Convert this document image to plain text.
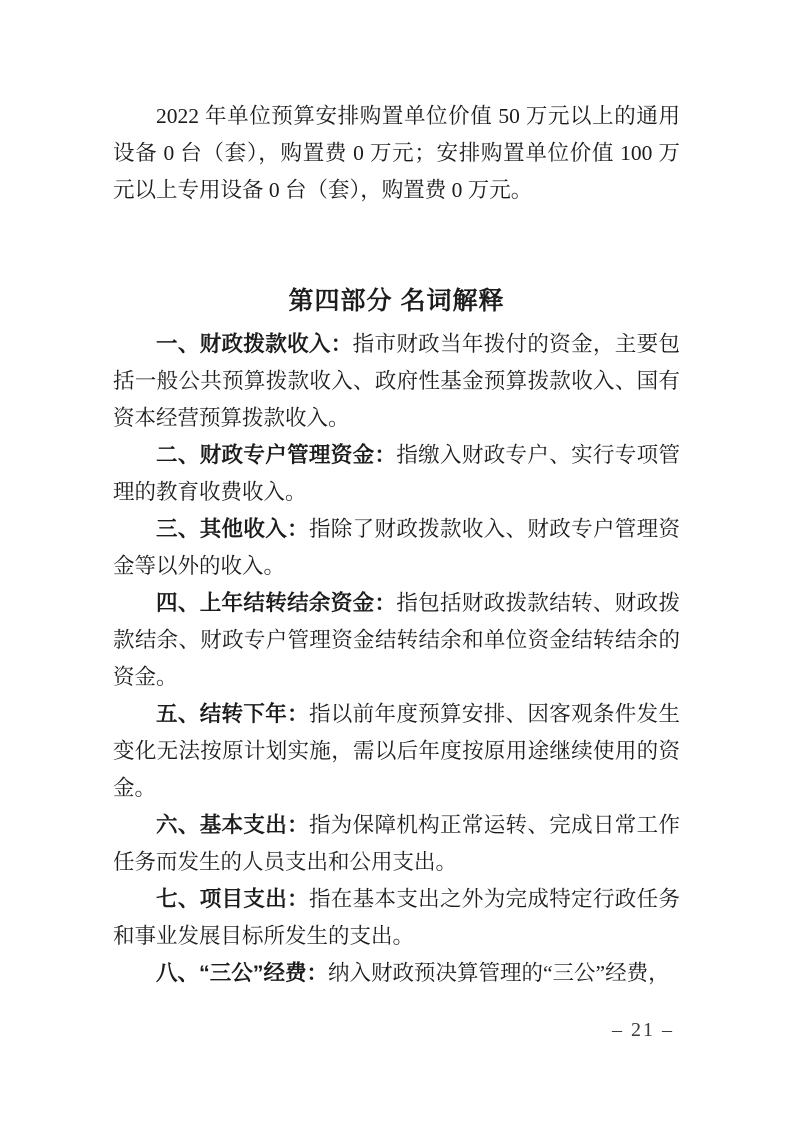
2022 年单位预算安排购置单位价值 50 万元以上的通用设备 0 台（套），购置费 0 万元；安排购置单位价值 100 万元以上专用设备 0 台（套），购置费 0 万元。

第四部分 名词解释

一、财政拨款收入：指市财政当年拨付的资金，主要包括一般公共预算拨款收入、政府性基金预算拨款收入、国有资本经营预算拨款收入。

二、财政专户管理资金：指缴入财政专户、实行专项管理的教育收费收入。

三、其他收入：指除了财政拨款收入、财政专户管理资金等以外的收入。

四、上年结转结余资金：指包括财政拨款结转、财政拨款结余、财政专户管理资金结转结余和单位资金结转结余的资金。

五、结转下年：指以前年度预算安排、因客观条件发生变化无法按原计划实施，需以后年度按原用途继续使用的资金。

六、基本支出：指为保障机构正常运转、完成日常工作任务而发生的人员支出和公用支出。

七、项目支出：指在基本支出之外为完成特定行政任务和事业发展目标所发生的支出。

八、“三公”经费：纳入财政预决算管理的“三公”经费，

– 21 –
